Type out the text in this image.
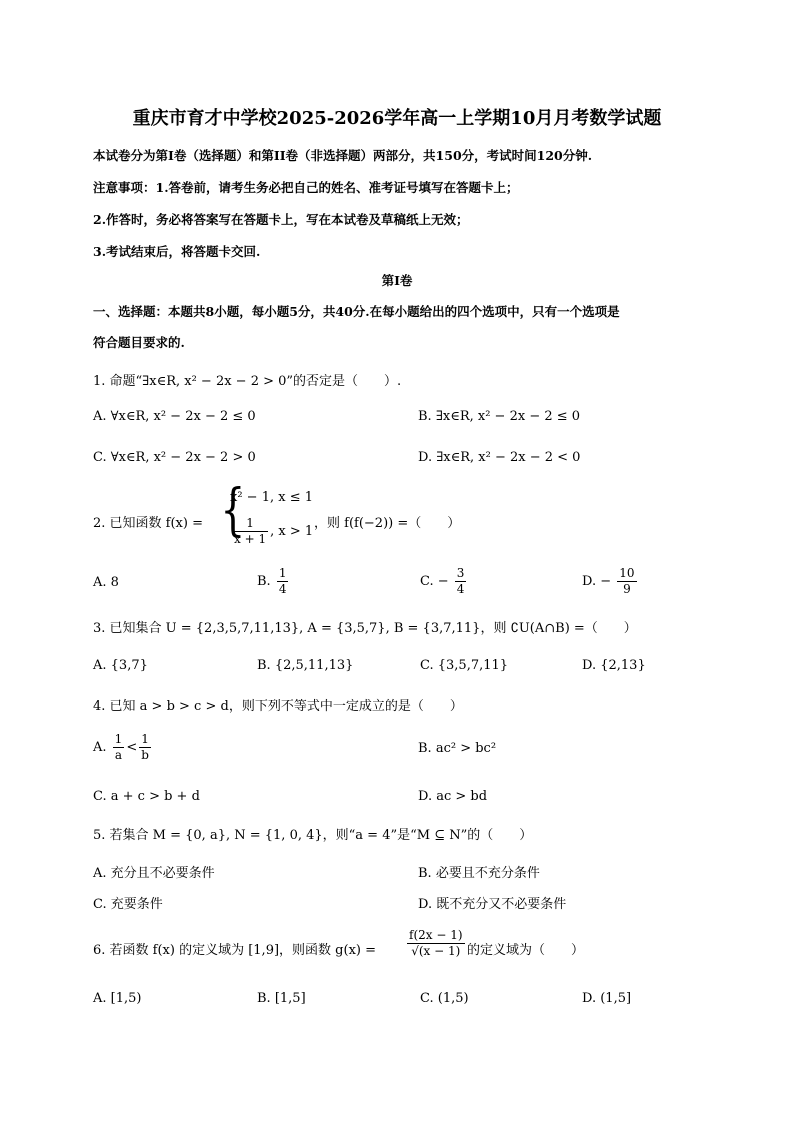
重庆市育才中学校2025-2026学年高一上学期10月月考数学试题
本试卷分为第I卷（选择题）和第II卷（非选择题）两部分，共150分，考试时间120分钟.
注意事项：1.答卷前，请考生务必把自己的姓名、准考证号填写在答题卡上；
2.作答时，务必将答案写在答题卡上，写在本试卷及草稿纸上无效；
3.考试结束后，将答题卡交回.
第I卷
一、选择题：本题共8小题，每小题5分，共40分.在每小题给出的四个选项中，只有一个选项是
符合题目要求的.
1. 命题“∃x∈R, x² − 2x − 2 > 0”的否定是（　　）.
A. ∀x∈R, x² − 2x − 2 ≤ 0	B. ∃x∈R, x² − 2x − 2 ≤ 0
C. ∀x∈R, x² − 2x − 2 > 0	D. ∃x∈R, x² − 2x − 2 < 0
2. 已知函数 f(x) = {
x² − 1, x ≤ 1
$\frac{1}{x + 1}$ , x > 1
，则 f(f(−2)) =（　　）
A. 8	B. $\frac{1}{4}$	C. − $\frac{3}{4}$	D. − $\frac{10}{9}$
3. 已知集合 U = {2,3,5,7,11,13}, A = {3,5,7}, B = {3,7,11}，则 ∁U(A∩B) =（　　）
A. {3,7}	B. {2,5,11,13}	C. {3,5,7,11}	D. {2,13}
4. 已知 a > b > c > d，则下列不等式中一定成立的是（　　）
A. $\frac{1}{a} < \frac{1}{b}$	B. ac² > bc²
C. a + c > b + d	D. ac > bd
5. 若集合 M = {0, a}, N = {1, 0, 4}，则“a = 4”是“M ⊆ N”的（　　）
A. 充分且不必要条件	B. 必要且不充分条件
C. 充要条件	D. 既不充分又不必要条件
6. 若函数 f(x) 的定义域为 [1,9]，则函数 g(x) =	$\frac{f(2x - 1)}{√(x - 1)}$ 的定义域为（　　）
A. [1,5)	B. [1,5]	C. (1,5)	D. (1,5]
